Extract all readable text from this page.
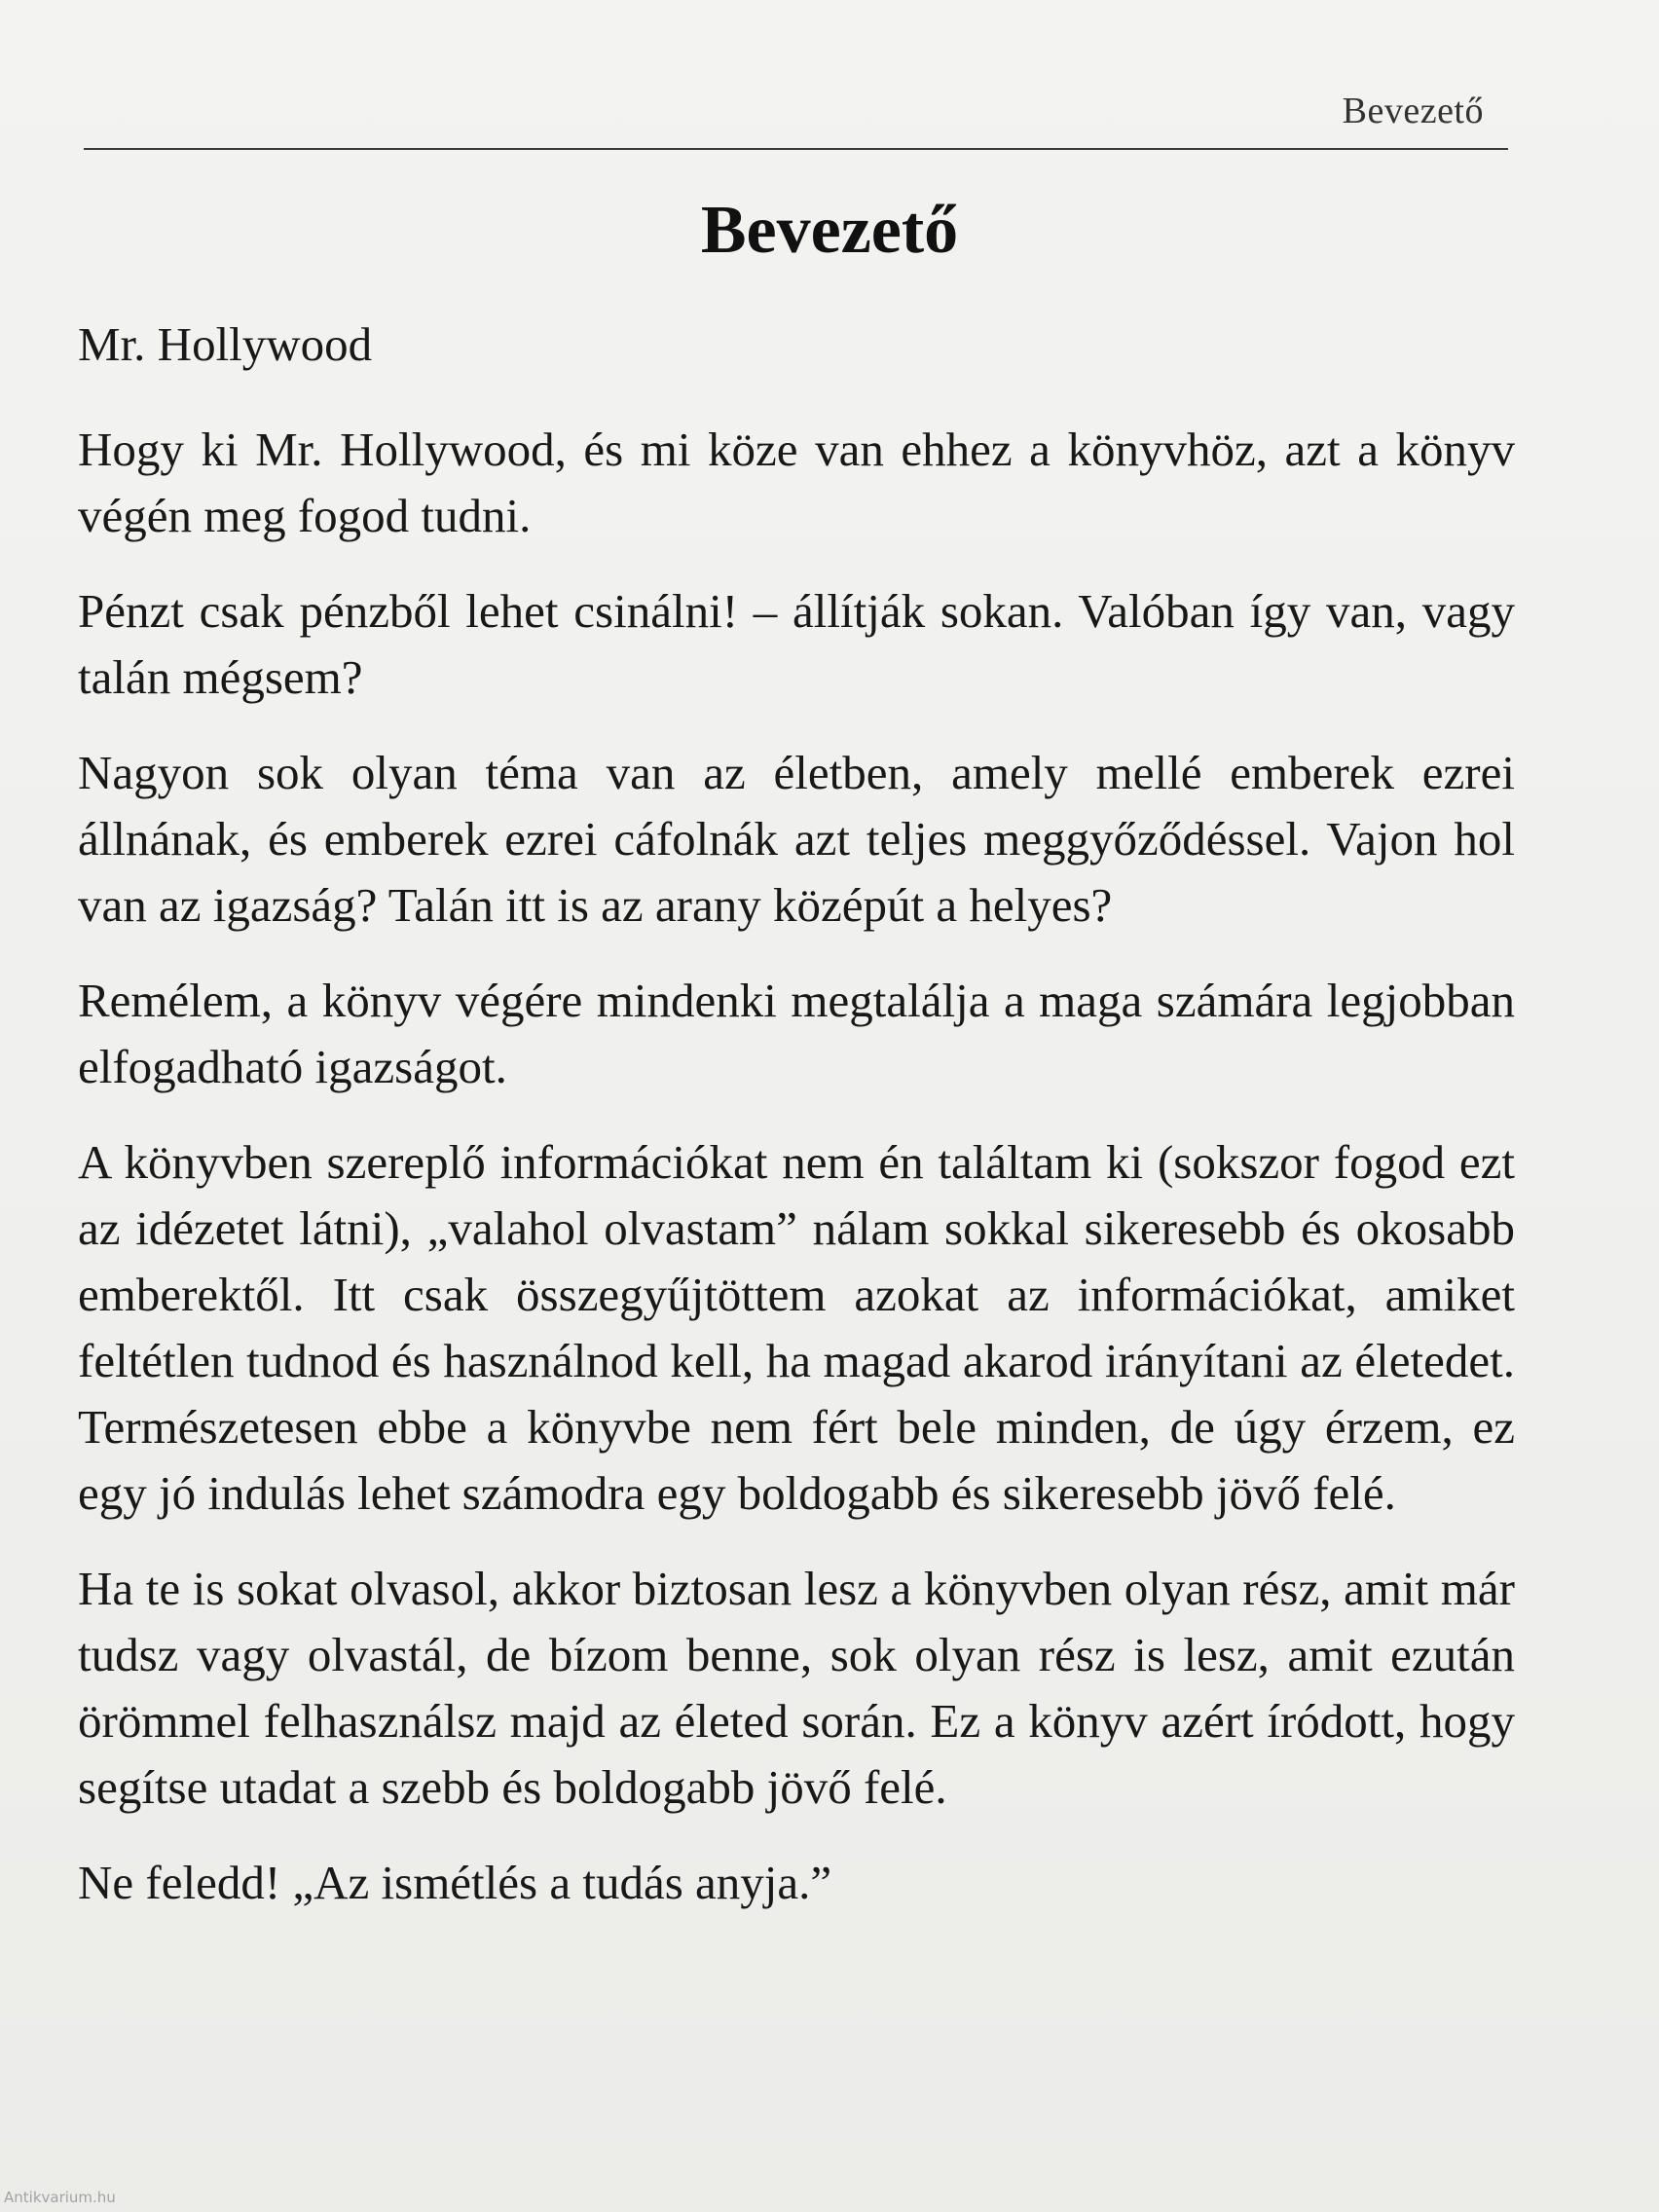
Bevezető
Bevezető

Mr. Hollywood

Hogy ki Mr. Hollywood, és mi köze van ehhez a könyvhöz, azt a könyv végén meg fogod tudni.

Pénzt csak pénzből lehet csinálni! – állítják sokan. Valóban így van, vagy talán mégsem?

Nagyon sok olyan téma van az életben, amely mellé emberek ezrei állnának, és emberek ezrei cáfolnák azt teljes meggyőződéssel. Vajon hol van az igazság? Talán itt is az arany középút a helyes?

Remélem, a könyv végére mindenki megtalálja a maga számára legjobban elfogadható igazságot.

A könyvben szereplő információkat nem én találtam ki (sokszor fogod ezt az idézetet látni), „valahol olvastam” nálam sokkal sikeresebb és okosabb emberektől. Itt csak összegyűjtöttem azokat az információkat, amiket feltétlen tudnod és használnod kell, ha magad akarod irányítani az életedet. Természetesen ebbe a könyvbe nem fért bele minden, de úgy érzem, ez egy jó indulás lehet számodra egy boldogabb és sikeresebb jövő felé.

Ha te is sokat olvasol, akkor biztosan lesz a könyvben olyan rész, amit már tudsz vagy olvastál, de bízom benne, sok olyan rész is lesz, amit ezután örömmel felhasználsz majd az életed során. Ez a könyv azért íródott, hogy segítse utadat a szebb és boldogabb jövő felé.

Ne feledd! „Az ismétlés a tudás anyja.”

Antikvarium.hu
